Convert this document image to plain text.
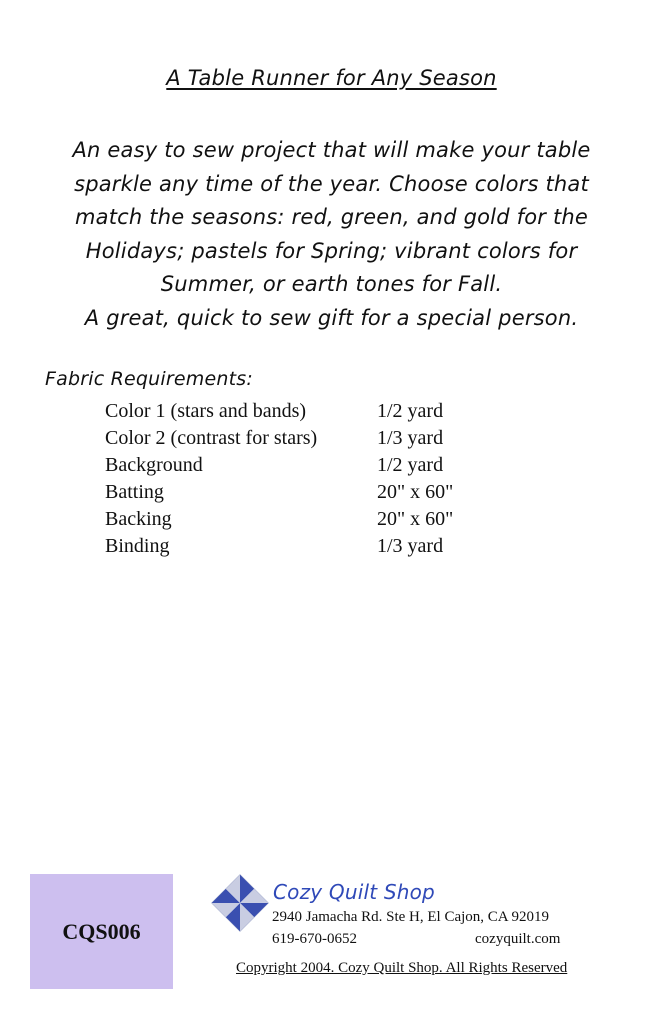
A Table Runner for Any Season
An easy to sew project that will make your table
sparkle any time of the year. Choose colors that
match the seasons: red, green, and gold for the
Holidays; pastels for Spring; vibrant colors for
Summer, or earth tones for Fall.
A great, quick to sew gift for a special person.
Fabric Requirements:
Color 1 (stars and bands)	1/2 yard
Color 2 (contrast for stars)	1/3 yard
Background	1/2 yard
Batting	20" x 60"
Backing	20" x 60"
Binding	1/3 yard
CQS006
Cozy Quilt Shop
2940 Jamacha Rd. Ste H, El Cajon, CA 92019
619-670-0652	cozyquilt.com
Copyright 2004. Cozy Quilt Shop. All Rights Reserved
